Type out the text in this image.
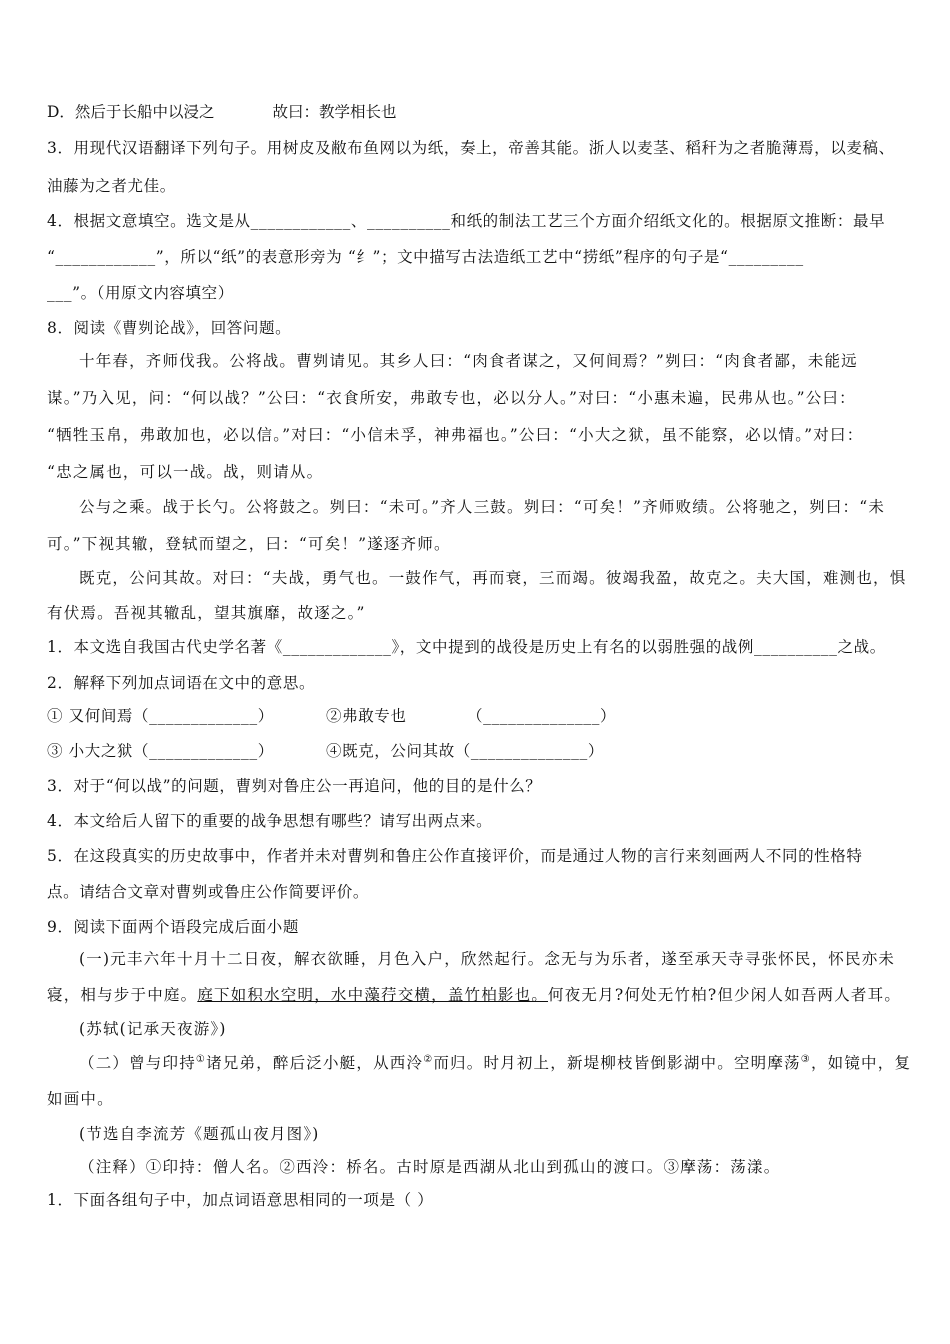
D．然后于长船中以浸之	故曰：教学相长也
3．用现代汉语翻译下列句子。用树皮及敝布鱼网以为纸，奏上，帝善其能。浙人以麦茎、稻秆为之者脆薄焉，以麦稿、
油藤为之者尤佳。
4．根据文意填空。选文是从____________、__________和纸的制法工艺三个方面介绍纸文化的。根据原文推断：最早
“____________”，所以“纸”的表意形旁为 “纟”；文中描写古法造纸工艺中“捞纸”程序的句子是“_________
___”。（用原文内容填空）
8．阅读《曹刿论战》，回答问题。
十年春，齐师伐我。公将战。曹刿请见。其乡人曰：“肉食者谋之，又何间焉？”刿曰：“肉食者鄙，未能远
谋。”乃入见，问：“何以战？”公曰：“衣食所安，弗敢专也，必以分人。”对曰：“小惠未遍，民弗从也。”公曰：
“牺牲玉帛，弗敢加也，必以信。”对曰：“小信未孚，神弗福也。”公曰：“小大之狱，虽不能察，必以情。”对曰：
“忠之属也，可以一战。战，则请从。
公与之乘。战于长勺。公将鼓之。刿曰：“未可。”齐人三鼓。刿曰：“可矣！”齐师败绩。公将驰之，刿曰：“未
可。”下视其辙，登轼而望之，曰：“可矣！”遂逐齐师。
既克，公问其故。对曰：“夫战，勇气也。一鼓作气，再而衰，三而竭。彼竭我盈，故克之。夫大国，难测也，惧
有伏焉。吾视其辙乱，望其旗靡，故逐之。”
1．本文选自我国古代史学名著《_____________》，文中提到的战役是历史上有名的以弱胜强的战例__________之战。
2．解释下列加点词语在文中的意思。
① 又何间焉（_____________）	②弗敢专也	（______________）
③ 小大之狱（_____________）	④既克，公问其故（______________）
3．对于“何以战”的问题，曹刿对鲁庄公一再追问，他的目的是什么？
4．本文给后人留下的重要的战争思想有哪些？请写出两点来。
5．在这段真实的历史故事中，作者并未对曹刿和鲁庄公作直接评价，而是通过人物的言行来刻画两人不同的性格特
点。请结合文章对曹刿或鲁庄公作简要评价。
9．阅读下面两个语段完成后面小题
(一)元丰六年十月十二日夜，解衣欲睡，月色入户，欣然起行。念无与为乐者，遂至承天寺寻张怀民，怀民亦未
寝，相与步于中庭。庭下如积水空明，水中藻荇交横，盖竹柏影也。何夜无月?何处无竹柏?但少闲人如吾两人者耳。
(苏轼(记承天夜游》)
（二）曾与印持①诸兄弟，醉后泛小艇，从西泠②而归。时月初上，新堤柳枝皆倒影湖中。空明摩荡③，如镜中，复
如画中。
(节选自李流芳《题孤山夜月图》)
（注释）①印持：僧人名。②西泠：桥名。古时原是西湖从北山到孤山的渡口。③摩荡：荡漾。
1．下面各组句子中，加点词语意思相同的一项是（ ）
